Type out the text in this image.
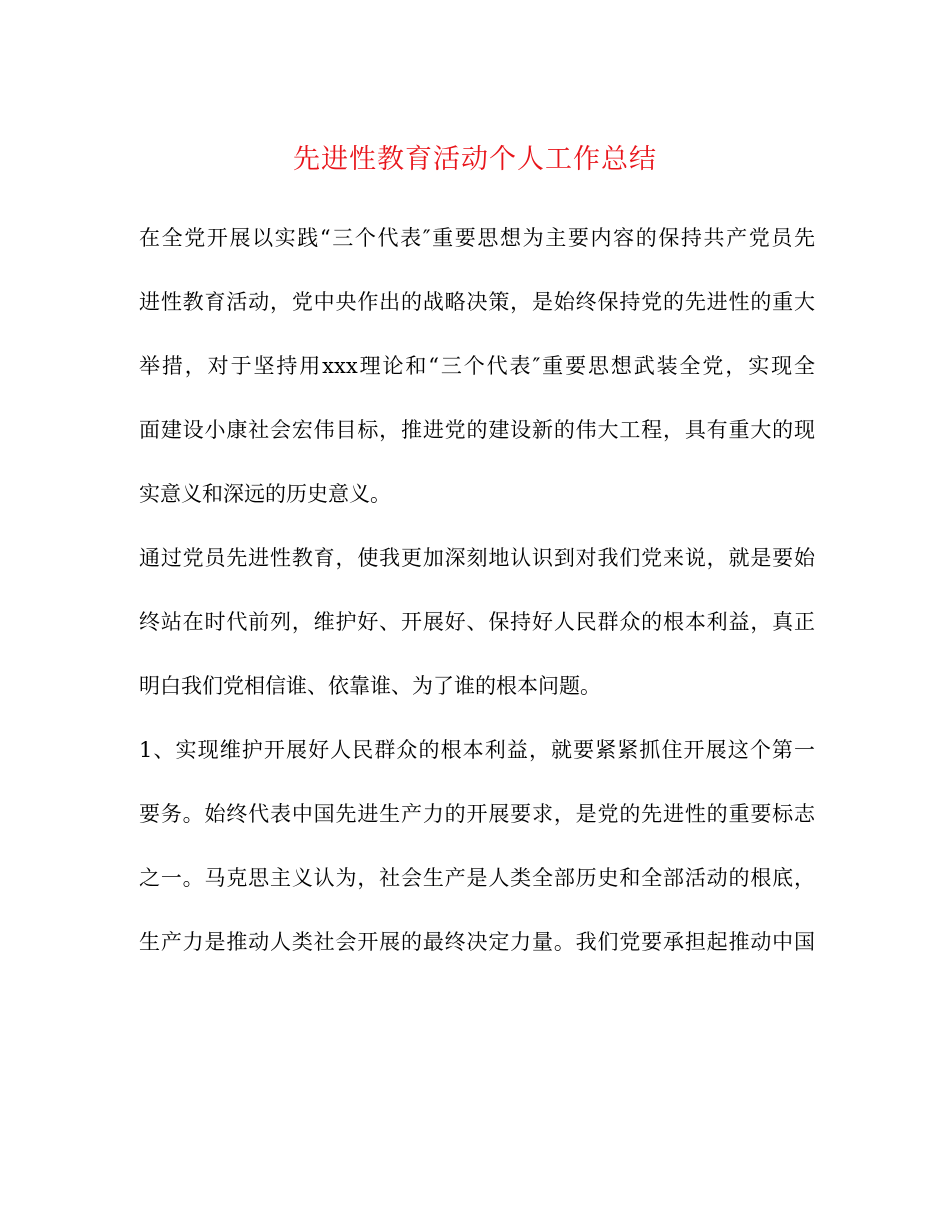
先进性教育活动个人工作总结
在全党开展以实践“三个代表″重要思想为主要内容的保持共产党员先
进性教育活动，党中央作出的战略决策，是始终保持党的先进性的重大
举措，对于坚持用xxx理论和“三个代表″重要思想武装全党，实现全
面建设小康社会宏伟目标，推进党的建设新的伟大工程，具有重大的现
实意义和深远的历史意义。
通过党员先进性教育，使我更加深刻地认识到对我们党来说，就是要始
终站在时代前列，维护好、开展好、保持好人民群众的根本利益，真正
明白我们党相信谁、依靠谁、为了谁的根本问题。
1、实现维护开展好人民群众的根本利益，就要紧紧抓住开展这个第一
要务。始终代表中国先进生产力的开展要求，是党的先进性的重要标志
之一。马克思主义认为，社会生产是人类全部历史和全部活动的根底，
生产力是推动人类社会开展的最终决定力量。我们党要承担起推动中国
